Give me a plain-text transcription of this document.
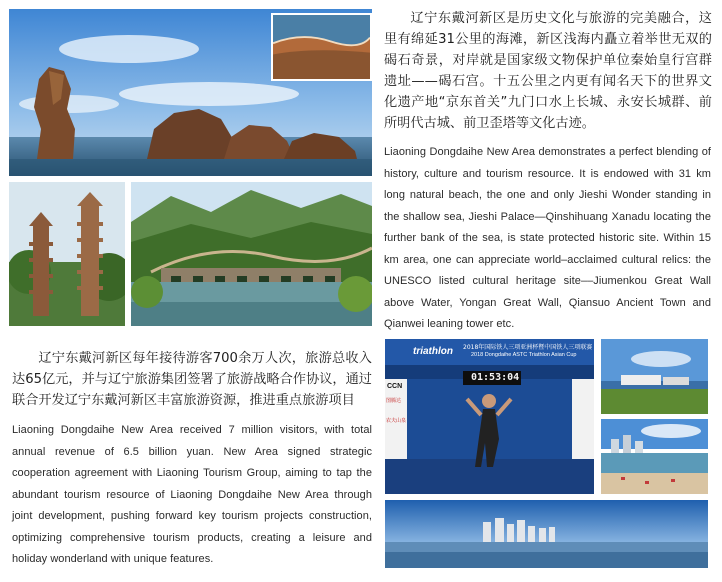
辽宁东戴河新区是历史文化与旅游的完美融合，这里有绵延31公里的海滩，新区浅海内矗立着举世无双的碣石奇景，对岸就是国家级文物保护单位秦始皇行宫群遗址——碣石宫。十五公里之内更有闻名天下的世界文化遗产地“京东首关”九门口水上长城、永安长城群、前所明代古城、前卫歪塔等文化古迹。

Liaoning Dongdaihe New Area demonstrates a perfect blending of history, culture and tourism resource. It is endowed with 31 km long natural beach, the one and only Jieshi Wonder standing in the shallow sea, Jieshi Palace—Qinshihuang Xanadu locating the further bank of the sea, is state protected historic site. Within 15 km area, one can appreciate world–acclaimed cultural relics: the UNESCO listed cultural heritage site––Jiumenkou Great Wall above Water, Yongan Great Wall, Qiansuo Ancient Town and Qianwei leaning tower etc.

辽宁东戴河新区每年接待游客700余万人次，旅游总收入达65亿元，并与辽宁旅游集团签署了旅游战略合作协议，通过联合开发辽宁东戴河新区丰富旅游资源，推进重点旅游项目

Liaoning Dongdaihe New Area received 7 million visitors, with total annual revenue of 6.5 billion yuan. New Area signed strategic cooperation agreement with Liaoning Tourism Group, aiming to tap the abundant tourism resource of Liaoning Dongdaihe New Area through joint development, pushing forward key tourism projects construction, optimizing comprehensive tourism products, creating a leisure and holiday wonderland with unique features.

triathlon 2018年国际铁人三项亚洲杯暨中国铁人三项联赛
2018 Dongdaihe ASTC Triathlon Asian Cup
01:53:04
CCN
图腾达
农夫山泉
